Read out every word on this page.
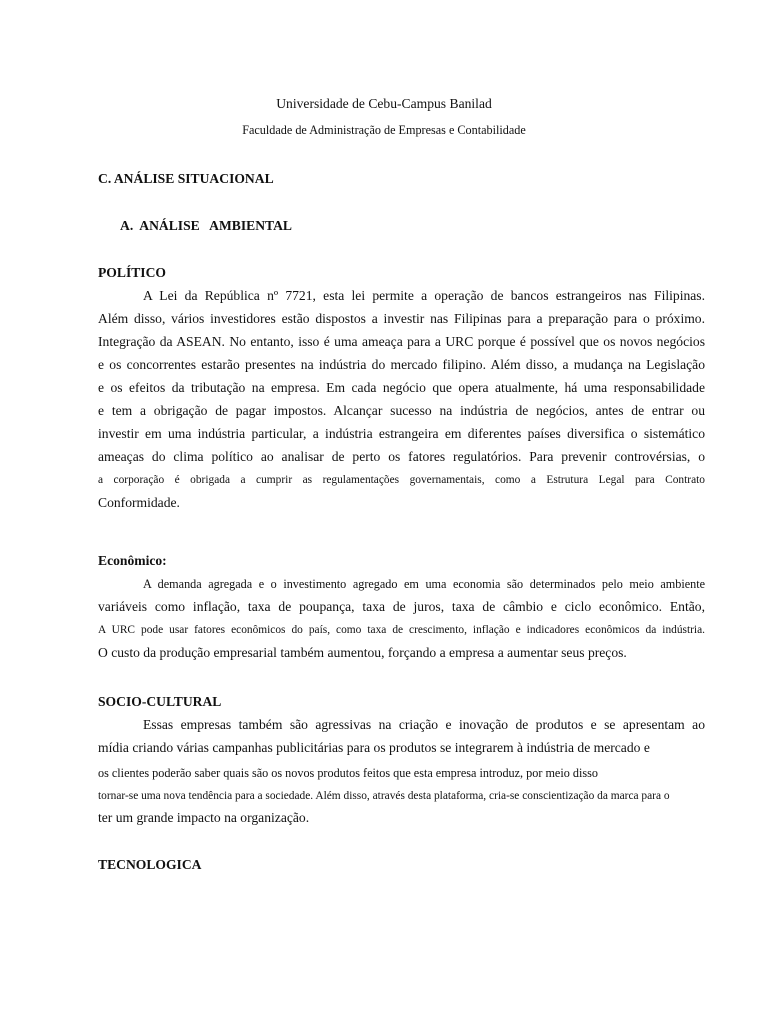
Universidade de Cebu-Campus Banilad
Faculdade de Administração de Empresas e Contabilidade
C. ANÁLISE SITUACIONAL
A.  ANÁLISE   AMBIENTAL
POLÍTICO
A Lei da República nº 7721, esta lei permite a operação de bancos estrangeiros nas Filipinas.
Além disso, vários investidores estão dispostos a investir nas Filipinas para a preparação para o próximo.
Integração da ASEAN. No entanto, isso é uma ameaça para a URC porque é possível que os novos negócios
e os concorrentes estarão presentes na indústria do mercado filipino. Além disso, a mudança na Legislação
e os efeitos da tributação na empresa. Em cada negócio que opera atualmente, há uma responsabilidade
e tem a obrigação de pagar impostos. Alcançar sucesso na indústria de negócios, antes de entrar ou
investir em uma indústria particular, a indústria estrangeira em diferentes países diversifica o sistemático
ameaças do clima político ao analisar de perto os fatores regulatórios. Para prevenir controvérsias, o
a corporação é obrigada a cumprir as regulamentações governamentais, como a Estrutura Legal para Contrato
Conformidade.
Econômico:
A demanda agregada e o investimento agregado em uma economia são determinados pelo meio ambiente
variáveis como inflação, taxa de poupança, taxa de juros, taxa de câmbio e ciclo econômico. Então,
A URC pode usar fatores econômicos do país, como taxa de crescimento, inflação e indicadores econômicos da indústria.
O custo da produção empresarial também aumentou, forçando a empresa a aumentar seus preços.
SOCIO-CULTURAL
Essas empresas também são agressivas na criação e inovação de produtos e se apresentam ao
mídia criando várias campanhas publicitárias para os produtos se integrarem à indústria de mercado e
os clientes poderão saber quais são os novos produtos feitos que esta empresa introduz, por meio disso
tornar-se uma nova tendência para a sociedade. Além disso, através desta plataforma, cria-se conscientização da marca para o
ter um grande impacto na organização.
TECNOLOGICA
